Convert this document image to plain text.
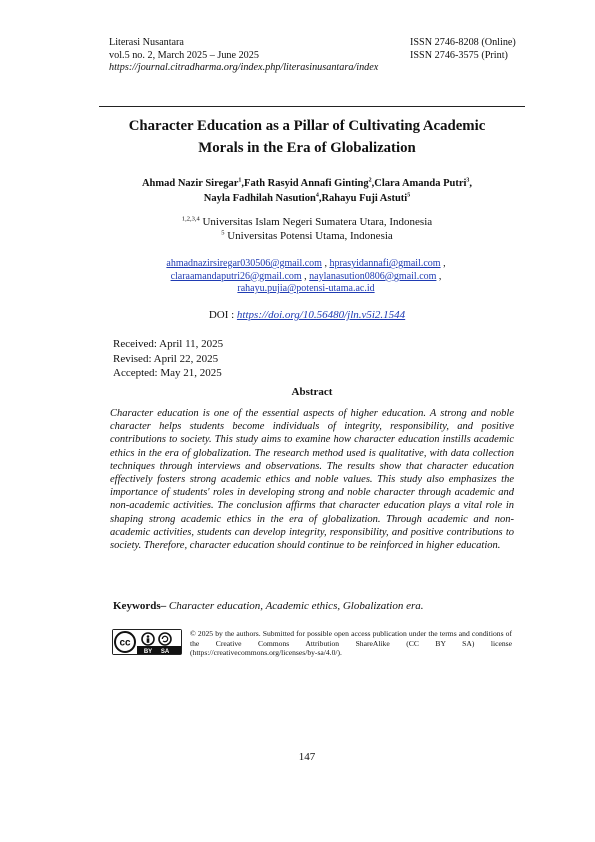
Literasi Nusantara
vol.5 no. 2, March 2025 – June 2025
https://journal.citradharma.org/index.php/literasinusantara/index
ISSN 2746-8208 (Online)
ISSN 2746-3575 (Print)
Character Education as a Pillar of Cultivating Academic
Morals in the Era of Globalization
Ahmad Nazir Siregar$^1$,Fath Rasyid Annafi Ginting$^2$,Clara Amanda Putri$^3$,
Nayla Fadhilah Nasution$^4$,Rahayu Fuji Astuti$^5$
$^{1,2,3,4}$ Universitas Islam Negeri Sumatera Utara, Indonesia
$^5$ Universitas Potensi Utama, Indonesia
ahmadnazirsiregar030506@gmail.com , hprasyidannafi@gmail.com ,
claraamandaputri26@gmail.com , naylanasution0806@gmail.com ,
rahayu.pujia@potensi-utama.ac.id
DOI : https://doi.org/10.56480/jln.v5i2.1544
Received: April 11, 2025
Revised: April 22, 2025
Accepted: May 21, 2025
Abstract
Character education is one of the essential aspects of higher education. A strong and noble character helps students become individuals of integrity, responsibility, and positive contributions to society. This study aims to examine how character education instills academic ethics in the era of globalization. The research method used is qualitative, with data collection techniques through interviews and observations. The results show that character education effectively fosters strong academic ethics and noble values. This study also emphasizes the importance of students' roles in developing strong and noble character through academic and non-academic activities. The conclusion affirms that character education plays a vital role in shaping strong academic ethics in the era of globalization. Through academic and non-academic activities, students can develop integrity, responsibility, and positive contributions to society. Therefore, character education should continue to be reinforced in higher education.
Keywords– Character education, Academic ethics, Globalization era.
cc
BY SA
© 2025 by the authors. Submitted for possible open access publication under the terms and conditions of the Creative Commons Attribution ShareAlike (CC BY SA) license (https://creativecommons.org/licenses/by-sa/4.0/).
147
